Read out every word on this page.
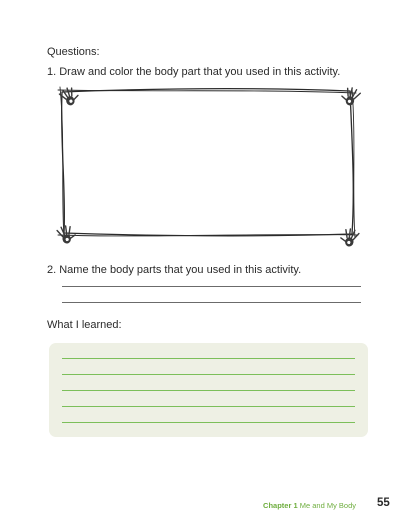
Questions:
1. Draw and color the body part that you used in this activity.
2. Name the body parts that you used in this activity.
What I learned:
Chapter 1 Me and My Body 55
